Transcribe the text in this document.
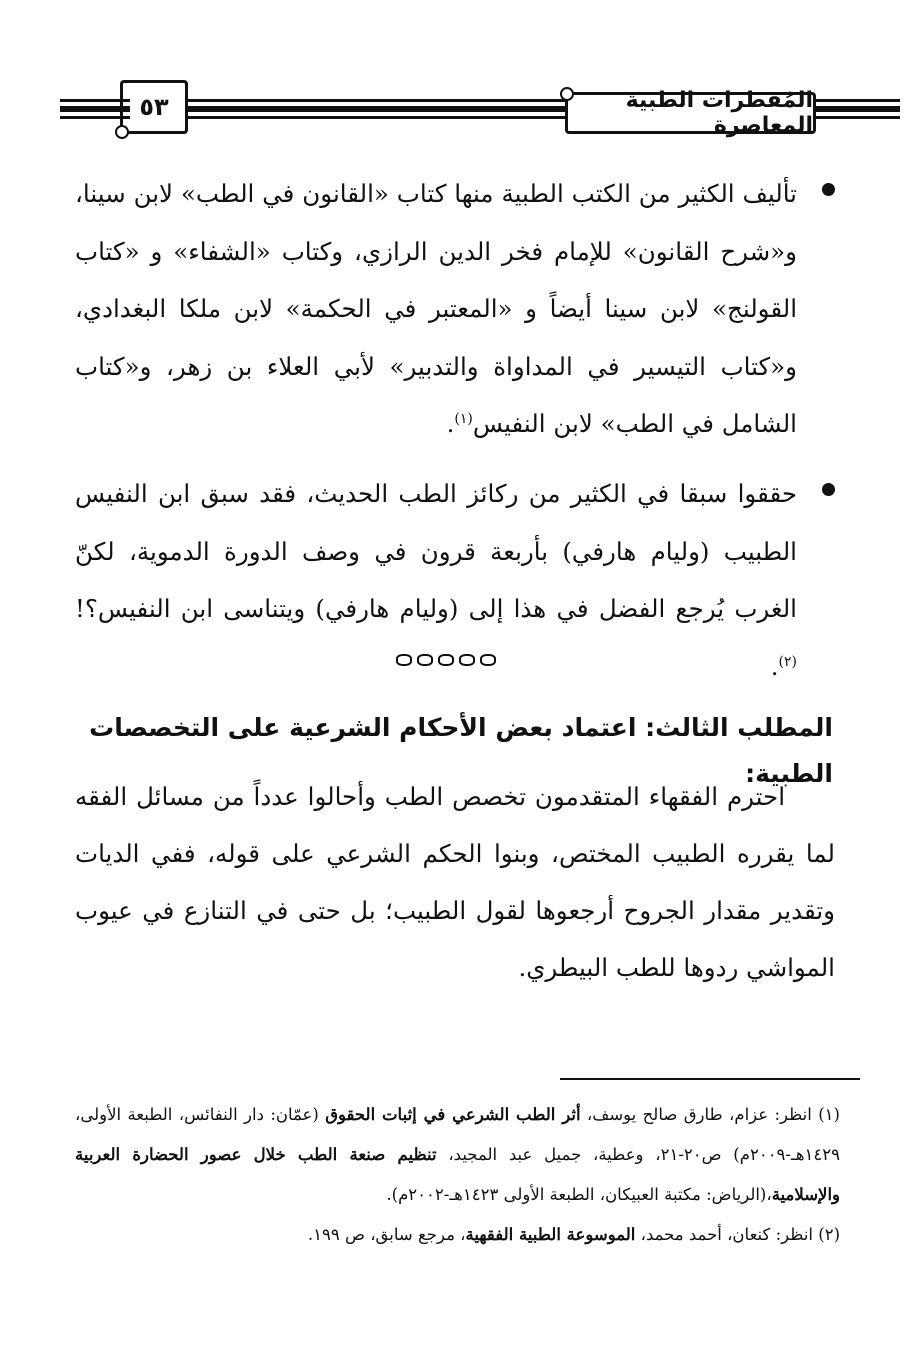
المُفطرات الطبية المعاصرة
٥٣

تأليف الكثير من الكتب الطبية منها كتاب «القانون في الطب» لابن سينا، و«شرح القانون» للإمام فخر الدين الرازي، وكتاب «الشفاء» و «كتاب القولنج» لابن سينا أيضاً و «المعتبر في الحكمة» لابن ملكا البغدادي، و«كتاب التيسير في المداواة والتدبير» لأبي العلاء بن زهر، و«كتاب الشامل في الطب» لابن النفيس$^{(١)}$.

حققوا سبقا في الكثير من ركائز الطب الحديث، فقد سبق ابن النفيس الطبيب (وليام هارفي) بأربعة قرون في وصف الدورة الدموية، لكنّ الغرب يُرجع الفضل في هذا إلى (وليام هارفي) ويتناسى ابن النفيس؟!$^{(٢)}$.

المطلب الثالث: اعتماد بعض الأحكام الشرعية على التخصصات الطبية:

احترم الفقهاء المتقدمون تخصص الطب وأحالوا عدداً من مسائل الفقه لما يقرره الطبيب المختص، وبنوا الحكم الشرعي على قوله، ففي الديات وتقدير مقدار الجروح أرجعوها لقول الطبيب؛ بل حتى في التنازع في عيوب المواشي ردوها للطب البيطري.

(١) انظر: عزام، طارق صالح يوسف، أثر الطب الشرعي في إثبات الحقوق (عمّان: دار النفائس، الطبعة الأولى، ١٤٢٩هـ-٢٠٠٩م) ص٢٠-٢١، وعطية، جميل عبد المجيد، تنظيم صنعة الطب خلال عصور الحضارة العربية والإسلامية،(الرياض: مكتبة العبيكان، الطبعة الأولى ١٤٢٣هـ-٢٠٠٢م).

(٢) انظر: كنعان، أحمد محمد، الموسوعة الطبية الفقهية، مرجع سابق، ص ١٩٩.
